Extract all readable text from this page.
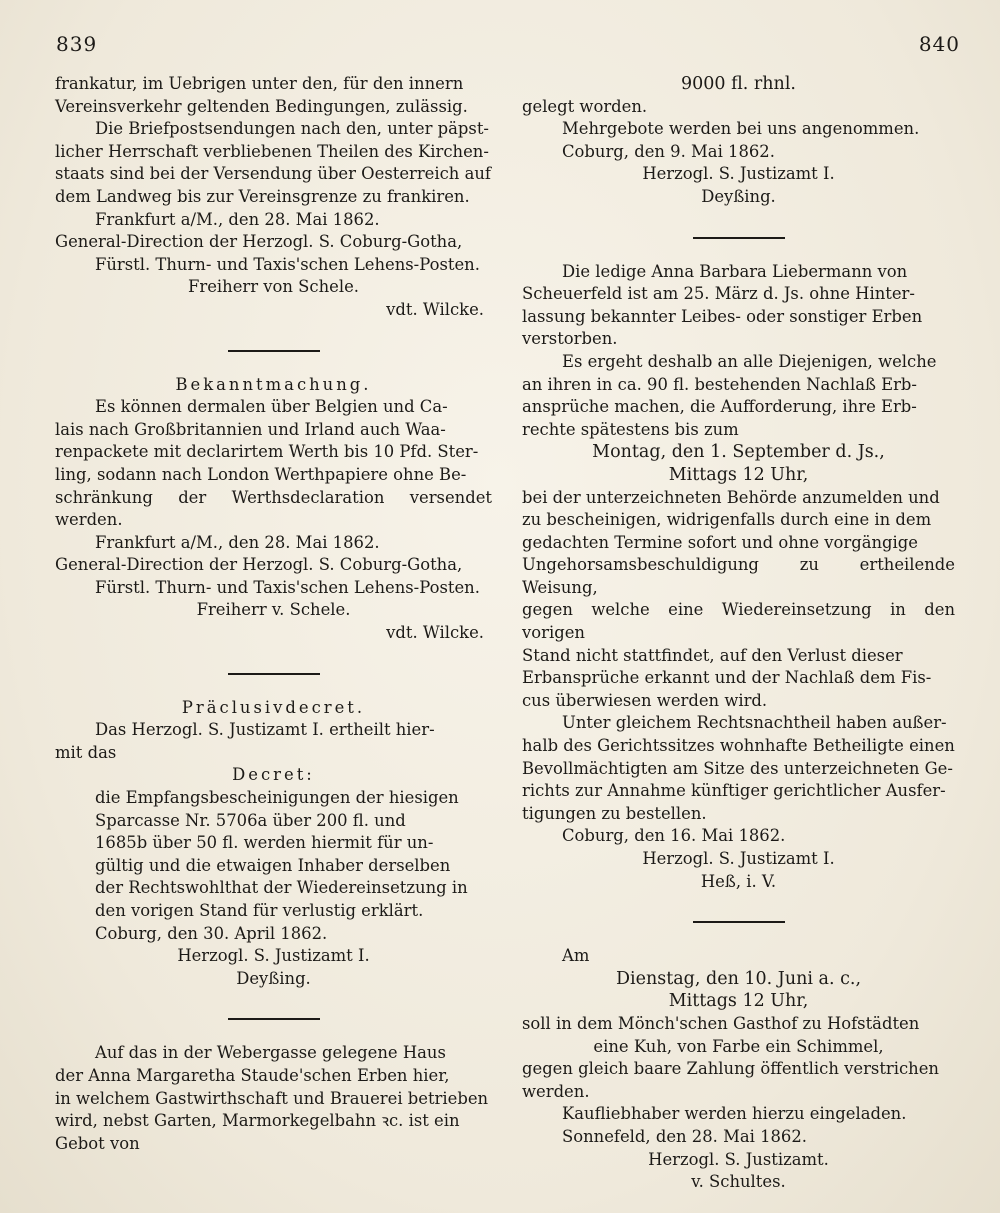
839	840

frankatur, im Uebrigen unter den, für den innern

Vereinsverkehr geltenden Bedingungen, zulässig.

Die Briefpostsendungen nach den, unter päpst-

licher Herrschaft verbliebenen Theilen des Kirchen-

staats sind bei der Versendung über Oesterreich auf

dem Landweg bis zur Vereinsgrenze zu frankiren.

Frankfurt a/M., den 28. Mai 1862.

General-Direction der Herzogl. S. Coburg-Gotha,

Fürstl. Thurn- und Taxis'schen Lehens-Posten.

Freiherr von Schele.

vdt. Wilcke.

Bekanntmachung.

Es können dermalen über Belgien und Ca-

lais nach Großbritannien und Irland auch Waa-

renpackete mit declarirtem Werth bis 10 Pfd. Ster-

ling, sodann nach London Werthpapiere ohne Be-

schränkung der Werthsdeclaration versendet werden.

Frankfurt a/M., den 28. Mai 1862.

General-Direction der Herzogl. S. Coburg-Gotha,

Fürstl. Thurn- und Taxis'schen Lehens-Posten.

Freiherr v. Schele.

vdt. Wilcke.

Präclusivdecret.

Das Herzogl. S. Justizamt I. ertheilt hier-

mit das

Decret:

die Empfangsbescheinigungen der hiesigen

Sparcasse Nr. 5706a über 200 fl. und

1685b über 50 fl. werden hiermit für un-

gültig und die etwaigen Inhaber derselben

der Rechtswohlthat der Wiedereinsetzung in

den vorigen Stand für verlustig erklärt.

Coburg, den 30. April 1862.

Herzogl. S. Justizamt I.

Deyßing.

Auf das in der Webergasse gelegene Haus

der Anna Margaretha Staude'schen Erben hier,

in welchem Gastwirthschaft und Brauerei betrieben

wird, nebst Garten, Marmorkegelbahn ꝛc. ist ein

Gebot von

9000 fl. rhnl.

gelegt worden.

Mehrgebote werden bei uns angenommen.

Coburg, den 9. Mai 1862.

Herzogl. S. Justizamt I.

Deyßing.

Die ledige Anna Barbara Liebermann von

Scheuerfeld ist am 25. März d. Js. ohne Hinter-

lassung bekannter Leibes- oder sonstiger Erben

verstorben.

Es ergeht deshalb an alle Diejenigen, welche

an ihren in ca. 90 fl. bestehenden Nachlaß Erb-

ansprüche machen, die Aufforderung, ihre Erb-

rechte spätestens bis zum

Montag, den 1. September d. Js.,

Mittags 12 Uhr,

bei der unterzeichneten Behörde anzumelden und

zu bescheinigen, widrigenfalls durch eine in dem

gedachten Termine sofort und ohne vorgängige

Ungehorsamsbeschuldigung zu ertheilende Weisung,

gegen welche eine Wiedereinsetzung in den vorigen

Stand nicht stattfindet, auf den Verlust dieser

Erbansprüche erkannt und der Nachlaß dem Fis-

cus überwiesen werden wird.

Unter gleichem Rechtsnachtheil haben außer-

halb des Gerichtssitzes wohnhafte Betheiligte einen

Bevollmächtigten am Sitze des unterzeichneten Ge-

richts zur Annahme künftiger gerichtlicher Ausfer-

tigungen zu bestellen.

Coburg, den 16. Mai 1862.

Herzogl. S. Justizamt I.

Heß, i. V.

Am

Dienstag, den 10. Juni a. c.,

Mittags 12 Uhr,

soll in dem Mönch'schen Gasthof zu Hofstädten

eine Kuh, von Farbe ein Schimmel,

gegen gleich baare Zahlung öffentlich verstrichen

werden.

Kaufliebhaber werden hierzu eingeladen.

Sonnefeld, den 28. Mai 1862.

Herzogl. S. Justizamt.

v. Schultes.
